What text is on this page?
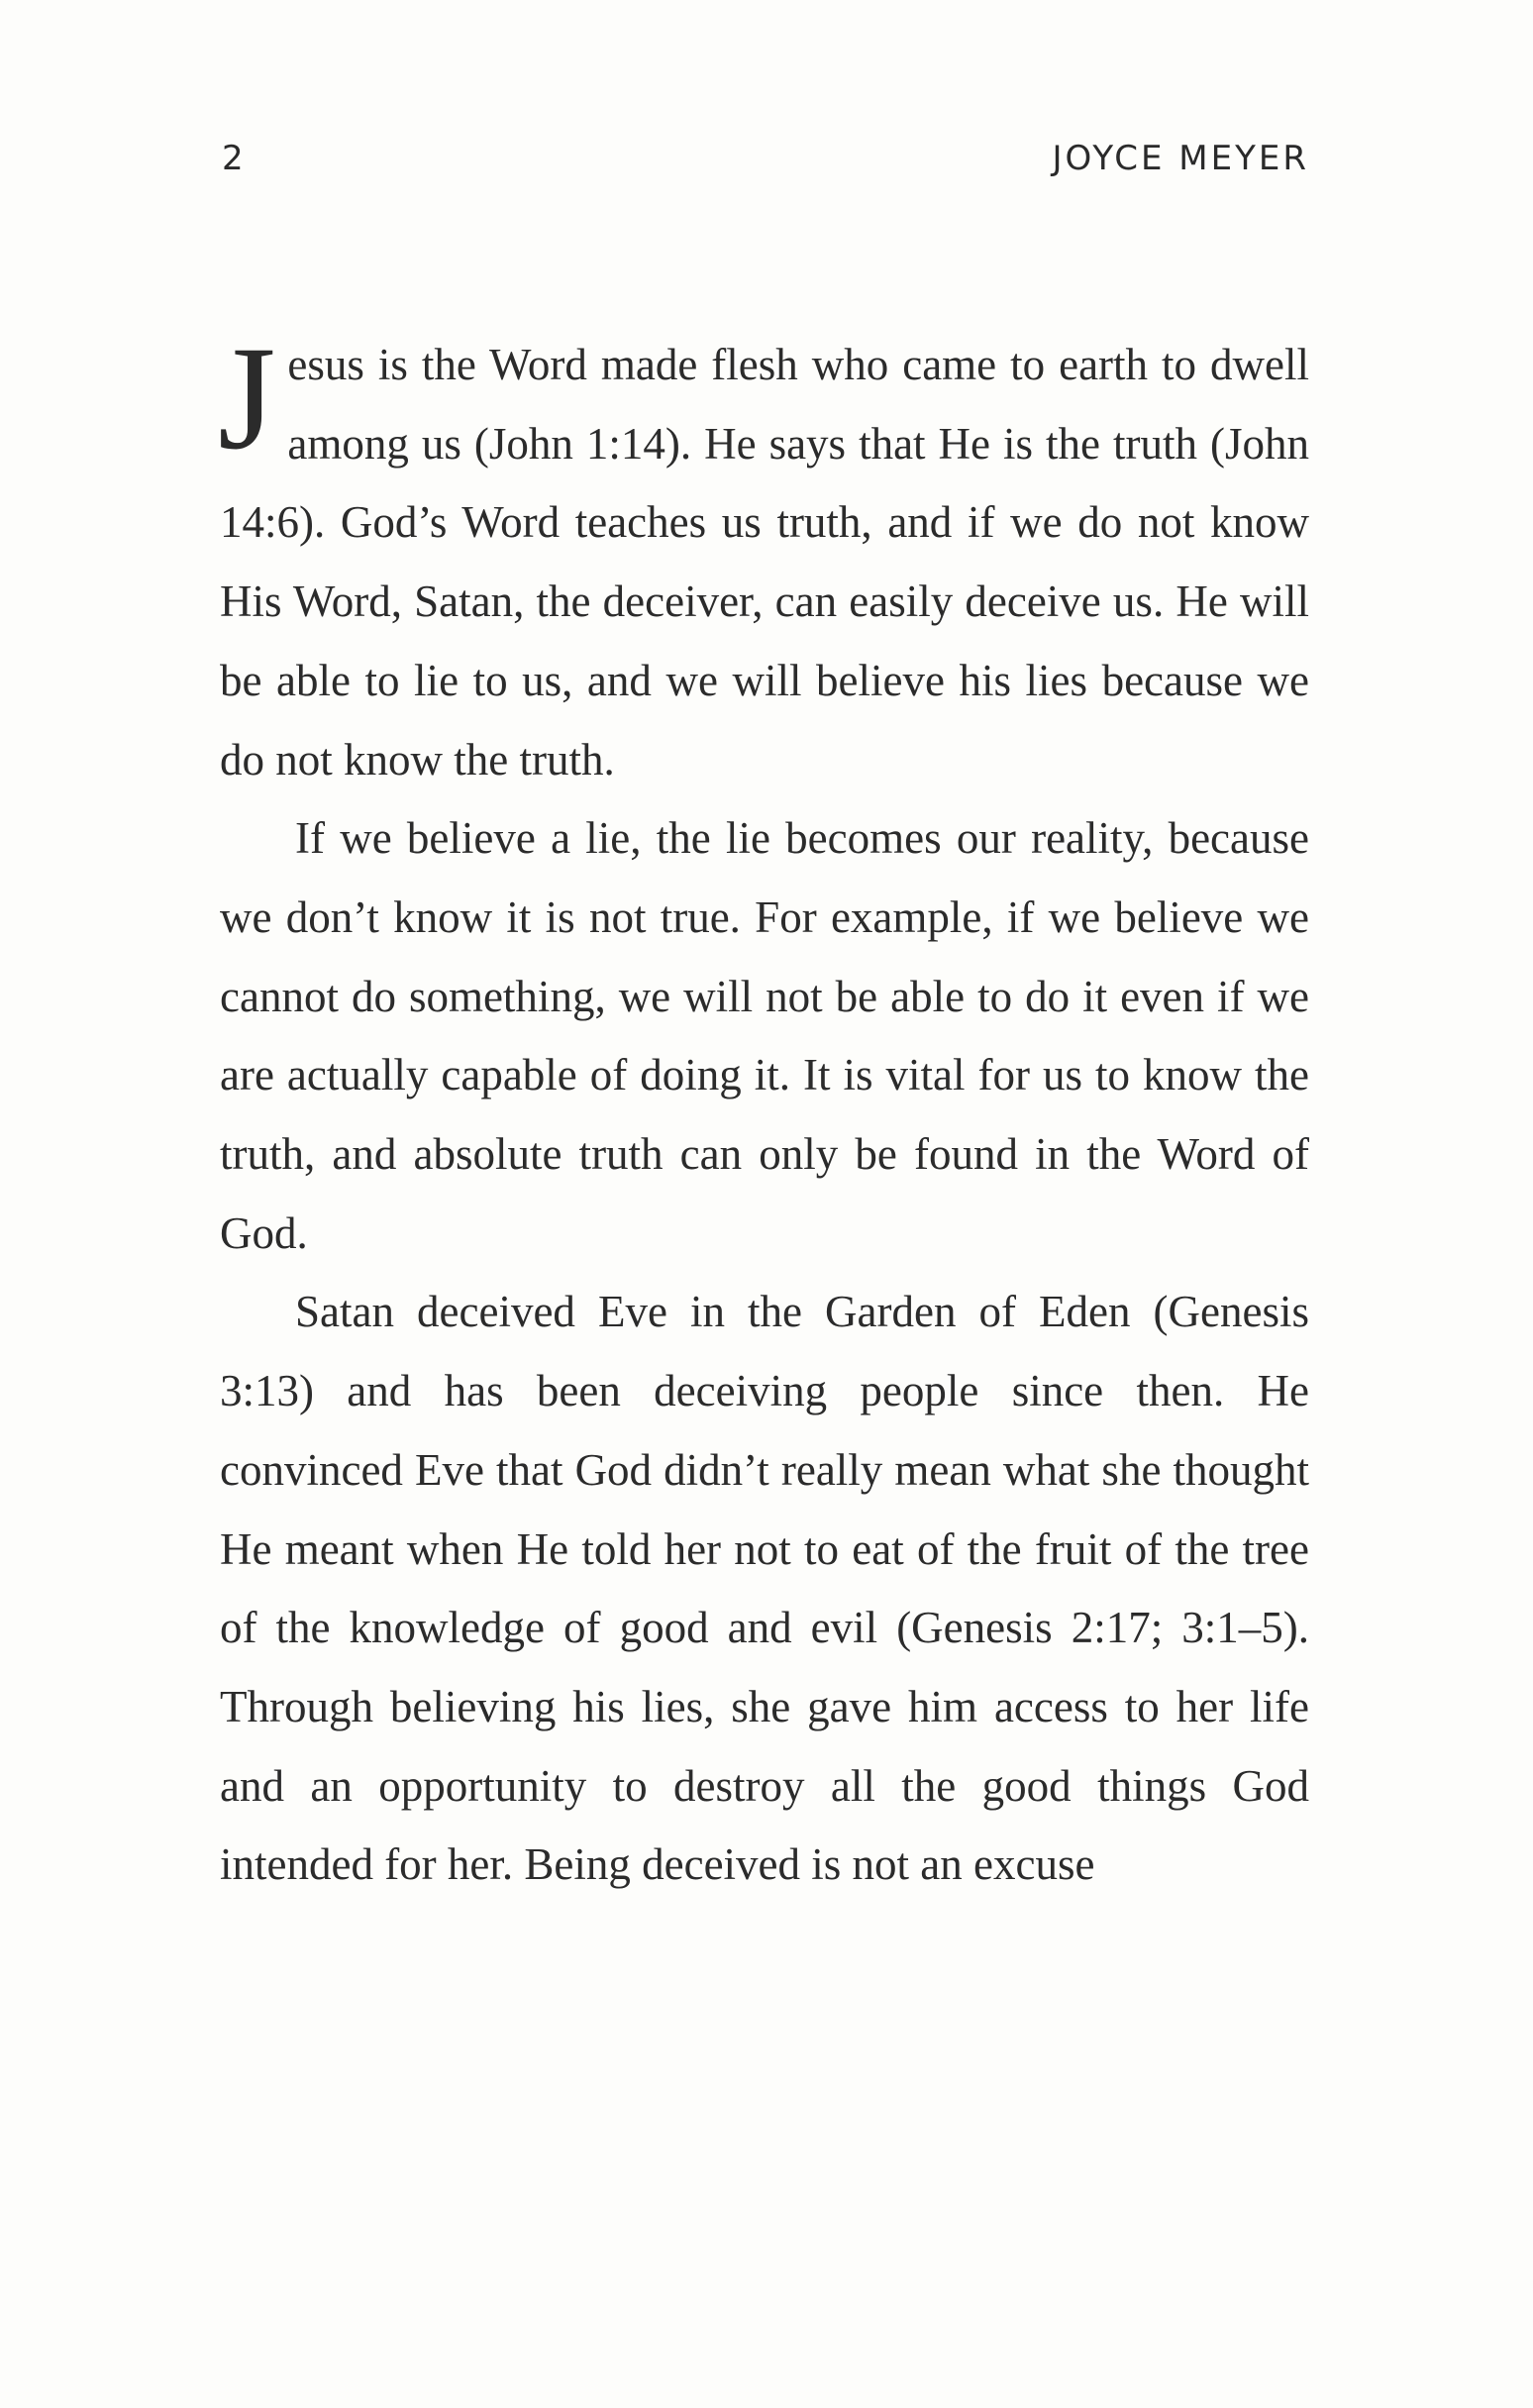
2	JOYCE MEYER

Jesus is the Word made flesh who came to earth to dwell among us (John 1:14). He says that He is the truth (John 14:6). God’s Word teaches us truth, and if we do not know His Word, Satan, the deceiver, can easily deceive us. He will be able to lie to us, and we will believe his lies because we do not know the truth.

If we believe a lie, the lie becomes our reality, because we don’t know it is not true. For example, if we believe we cannot do something, we will not be able to do it even if we are actually capable of doing it. It is vital for us to know the truth, and absolute truth can only be found in the Word of God.

Satan deceived Eve in the Garden of Eden (Genesis 3:13) and has been deceiving people since then. He convinced Eve that God didn’t really mean what she thought He meant when He told her not to eat of the fruit of the tree of the knowledge of good and evil (Genesis 2:17; 3:1–5). Through believing his lies, she gave him access to her life and an opportunity to destroy all the good things God intended for her. Being deceived is not an excuse
